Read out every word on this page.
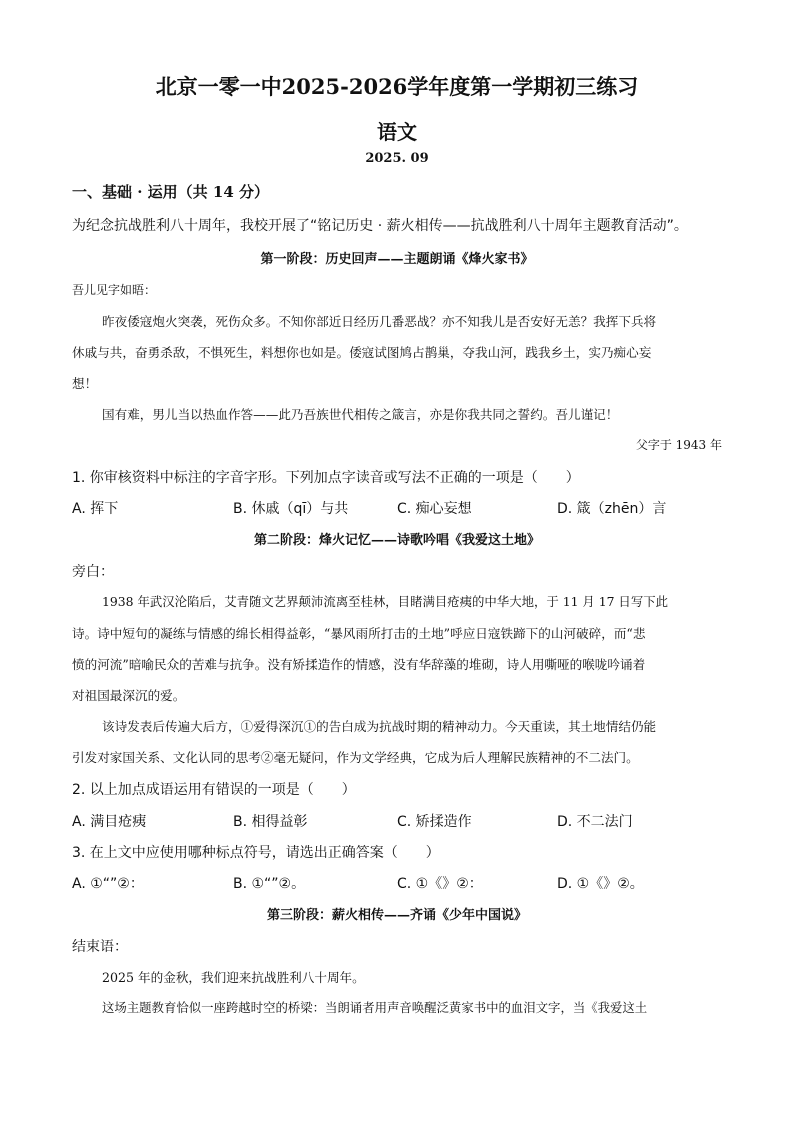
北京一零一中2025-2026学年度第一学期初三练习
语文
2025. 09
一、基础 · 运用（共 14 分）
为纪念抗战胜利八十周年，我校开展了“铭记历史 · 薪火相传——抗战胜利八十周年主题教育活动”。
第一阶段：历史回声——主题朗诵《烽火家书》
吾儿见字如晤：
昨夜倭寇炮火突袭，死伤众多。不知你部近日经历几番恶战？亦不知我儿是否安好无恙？我挥下兵将
休戚与共，奋勇杀敌，不惧死生，料想你也如是。倭寇试图鸠占鹊巢，夺我山河，践我乡土，实乃痴心妄
想！
国有难，男儿当以热血作答——此乃吾族世代相传之箴言，亦是你我共同之誓约。吾儿谨记！
父字于 1943 年
1. 你审核资料中标注的字音字形。下列加点字读音或写法不正确的一项是（　　）
A. 挥下	B. 休戚（qī）与共	C. 痴心妄想	D. 箴（zhēn）言
第二阶段：烽火记忆——诗歌吟唱《我爱这土地》
旁白：
1938 年武汉沦陷后，艾青随文艺界颠沛流离至桂林，目睹满目疮痍的中华大地，于 11 月 17 日写下此
诗。诗中短句的凝练与情感的绵长相得益彰，“暴风雨所打击的土地”呼应日寇铁蹄下的山河破碎，而“悲
愤的河流”暗喻民众的苦难与抗争。没有矫揉造作的情感，没有华辞藻的堆砌，诗人用嘶哑的喉咙吟诵着
对祖国最深沉的爱。
该诗发表后传遍大后方，①爱得深沉①的告白成为抗战时期的精神动力。今天重读，其土地情结仍能
引发对家国关系、文化认同的思考②毫无疑问，作为文学经典，它成为后人理解民族精神的不二法门。
2. 以上加点成语运用有错误的一项是（　　）
A. 满目疮痍	B. 相得益彰	C. 矫揉造作	D. 不二法门
3. 在上文中应使用哪种标点符号，请选出正确答案（　　）
A. ①“”②：	B. ①“”②。	C. ①《》②：	D. ①《》②。
第三阶段：薪火相传——齐诵《少年中国说》
结束语：
2025 年的金秋，我们迎来抗战胜利八十周年。
这场主题教育恰似一座跨越时空的桥梁：当朗诵者用声音唤醒泛黄家书中的血泪文字，当《我爱这土
